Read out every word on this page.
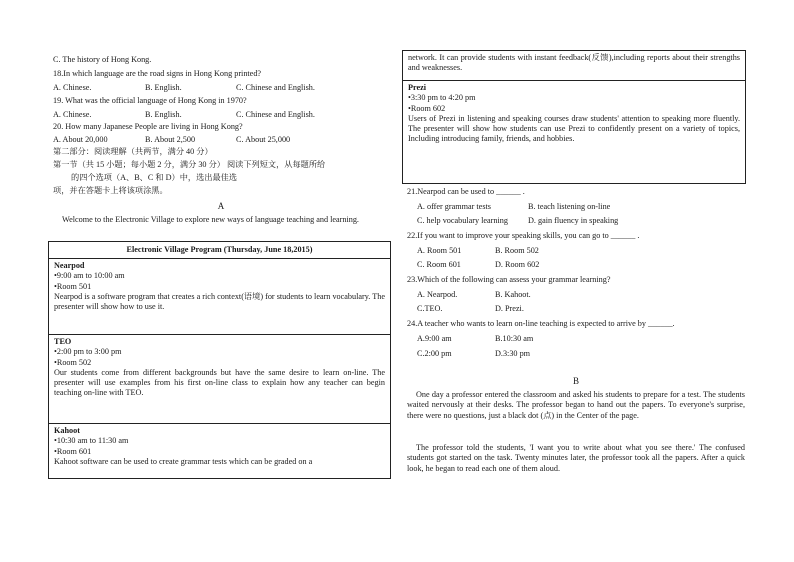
C. The history of Hong Kong.
18.In which language are the road signs in Hong Kong printed?
A. Chinese.	B. English.	C. Chinese and English.
19. What was the official language of Hong Kong in 1970?
A. Chinese.	B. English.	C. Chinese and English.
20. How many Japanese People are living in Hong Kong?
A. About 20,000	B. About 2,500	C. About 25,000
第二部分：阅读理解（共两节，满分 40 分）
第一节（共 15 小题；每小题 2 分，满分 30 分） 阅读下列短文，从每题所给
的四个选项（A、B、C 和 D）中，选出最佳选
项，并在答题卡上将该项涂黑。
A
Welcome to the Electronic Village to explore new ways of language teaching and learning.
Electronic Village Program (Thursday, June 18,2015)
Nearpod
•9:00 am to 10:00 am
•Room 501
Nearpod is a software program that creates a rich context(语境) for students to learn vocabulary. The presenter will show how to use it.
TEO
•2:00 pm to 3:00 pm
•Room 502
Our students come from different backgrounds but have the same desire to learn on-line. The presenter will use examples from his first on-line class to explain how any teacher can begin teaching on-line with TEO.
Kahoot
•10:30 am to 11:30 am
•Room 601
Kahoot software can be used to create grammar tests which can be graded on a
network. It can provide students with instant feedback(反馈),including reports about their strengths and weaknesses.
Prezi
•3:30 pm to 4:20 pm
•Room 602
Users of Prezi in listening and speaking courses draw students' attention to speaking more fluently. The presenter will show how students can use Prezi to confidently present on a variety of topics, Including introducing family, friends, and hobbies.
21.Nearpod can be used to ______ .
A. offer grammar tests	B. teach listening on-line
C. help vocabulary learning D. gain fluency in speaking
22.If you want to improve your speaking skills, you can go to ______ .
A. Room 501	B. Room 502
C. Room 601	D. Room 602
23.Which of the following can assess your grammar learning?
A. Nearpod.	B. Kahoot.
C.TEO.	D. Prezi.
24.A teacher who wants to learn on-line teaching is expected to arrive by ______.
A.9:00 am	B.10:30 am
C.2:00 pm	D.3:30 pm
B
One day a professor entered the classroom and asked his students to prepare for a test. The students waited nervously at their desks. The professor began to hand out the papers. To everyone's surprise, there were no questions, just a black dot (点) in the Center of the page.
The professor told the students, 'I want you to write about what you see there.' The confused students got started on the task. Twenty minutes later, the professor took all the papers. After a quick look, he began to read each one of them aloud.
